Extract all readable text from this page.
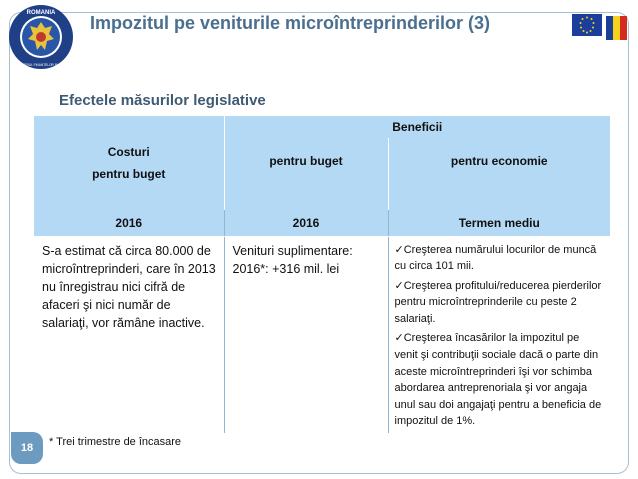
ROMANIA
MINISTERUL FINANTELOR PUBLICE
Impozitul pe veniturile microîntreprinderilor (3)
Efectele măsurilor legislative
Costuri
pentru buget	Beneficii	
	pentru buget	pentru economie
2016	2016	Termen mediu
S-a estimat că circa 80.000 de microîntreprinderi, care în 2013 nu înregistrau nici cifră de afaceri şi nici număr de salariaţi, vor rămâne inactive.	Venituri suplimentare: 2016*: +316 mil. lei	✓Creşterea numărului locurilor de muncă cu circa 101 mii.
✓Creşterea profitului/reducerea pierderilor pentru microîntreprinderile cu peste 2 salariaţi.
✓Creşterea încasărilor la impozitul pe venit şi contribuţii sociale dacă o parte din aceste microîntreprinderi îşi vor schimba abordarea antreprenoriala şi vor angaja unul sau doi angajaţi pentru a beneficia de impozitul de 1%.
18	* Trei trimestre de încasare
